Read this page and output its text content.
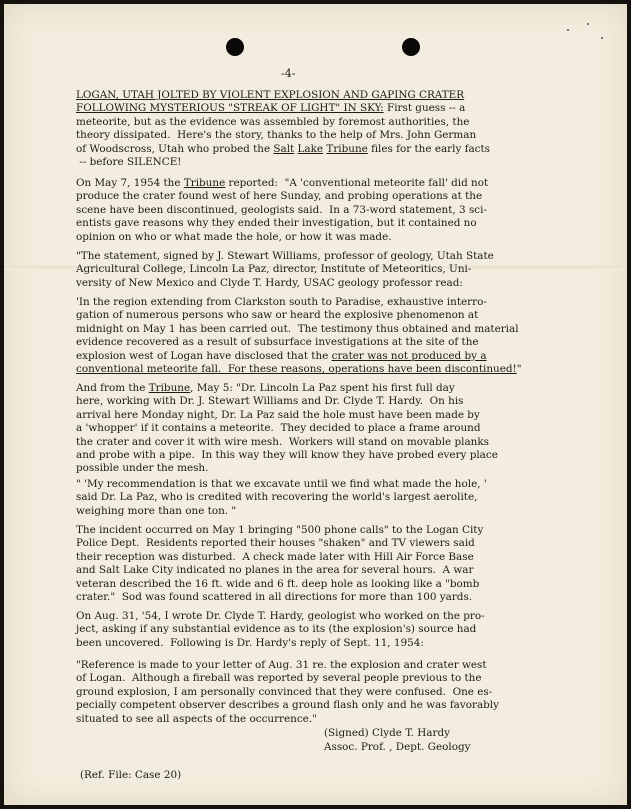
-4-

LOGAN, UTAH JOLTED BY VIOLENT EXPLOSION AND GAPING CRATER
FOLLOWING MYSTERIOUS "STREAK OF LIGHT" IN SKY: First guess -- a
meteorite, but as the evidence was assembled by foremost authorities, the
theory dissipated.  Here's the story, thanks to the help of Mrs. John German
of Woodscross, Utah who probed the Salt Lake Tribune files for the early facts
-- before SILENCE!

On May 7, 1954 the Tribune reported:  "A 'conventional meteorite fall' did not
produce the crater found west of here Sunday, and probing operations at the
scene have been discontinued, geologists said.  In a 73-word statement, 3 sci-
entists gave reasons why they ended their investigation, but it contained no
opinion on who or what made the hole, or how it was made.

"The statement, signed by J. Stewart Williams, professor of geology, Utah State
Agricultural College, Lincoln La Paz, director, Institute of Meteoritics, Uni-
versity of New Mexico and Clyde T. Hardy, USAC geology professor read:

'In the region extending from Clarkston south to Paradise, exhaustive interro-
gation of numerous persons who saw or heard the explosive phenomenon at
midnight on May 1 has been carried out.  The testimony thus obtained and material
evidence recovered as a result of subsurface investigations at the site of the
explosion west of Logan have disclosed that the crater was not produced by a
conventional meteorite fall.  For these reasons, operations have been discontinued!"

And from the Tribune, May 5: "Dr. Lincoln La Paz spent his first full day
here, working with Dr. J. Stewart Williams and Dr. Clyde T. Hardy.  On his
arrival here Monday night, Dr. La Paz said the hole must have been made by
a 'whopper' if it contains a meteorite.  They decided to place a frame around
the crater and cover it with wire mesh.  Workers will stand on movable planks
and probe with a pipe.  In this way they will know they have probed every place
possible under the mesh.

" 'My recommendation is that we excavate until we find what made the hole, '
said Dr. La Paz, who is credited with recovering the world's largest aerolite,
weighing more than one ton. "

The incident occurred on May 1 bringing "500 phone calls" to the Logan City
Police Dept.  Residents reported their houses "shaken" and TV viewers said
their reception was disturbed.  A check made later with Hill Air Force Base
and Salt Lake City indicated no planes in the area for several hours.  A war
veteran described the 16 ft. wide and 6 ft. deep hole as looking like a "bomb
crater."  Sod was found scattered in all directions for more than 100 yards.

On Aug. 31, '54, I wrote Dr. Clyde T. Hardy, geologist who worked on the pro-
ject, asking if any substantial evidence as to its (the explosion's) source had
been uncovered.  Following is Dr. Hardy's reply of Sept. 11, 1954:

"Reference is made to your letter of Aug. 31 re. the explosion and crater west
of Logan.  Although a fireball was reported by several people previous to the
ground explosion, I am personally convinced that they were confused.  One es-
pecially competent observer describes a ground flash only and he was favorably
situated to see all aspects of the occurrence."

(Signed) Clyde T. Hardy
Assoc. Prof. , Dept. Geology
(Ref. File: Case 20)
